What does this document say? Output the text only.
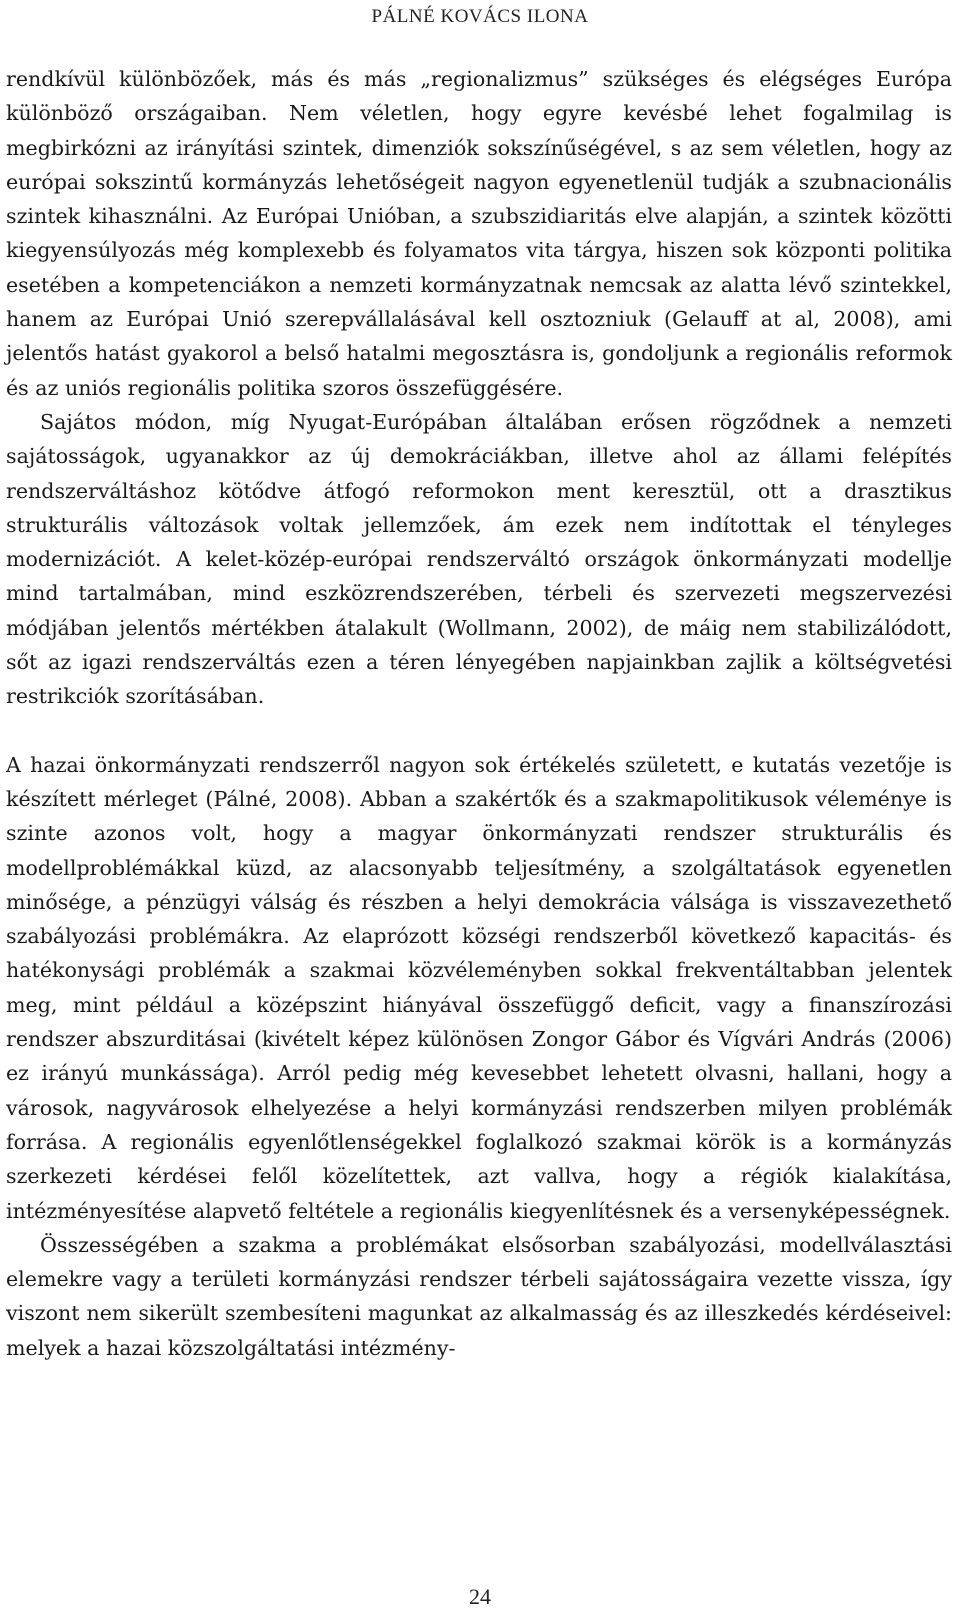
PÁLNÉ KOVÁCS ILONA

rendkívül különbözőek, más és más „regionalizmus” szükséges és elégséges Európa különböző országaiban. Nem véletlen, hogy egyre kevésbé lehet fogalmilag is megbirkózni az irányítási szintek, dimenziók sokszínűségével, s az sem véletlen, hogy az európai sokszintű kormányzás lehetőségeit nagyon egyenetlenül tudják a szubnacionális szintek kihasználni. Az Európai Unióban, a szubszidiaritás elve alapján, a szintek közötti kiegyensúlyozás még komplexebb és folyamatos vita tárgya, hiszen sok központi politika esetében a kompetenciákon a nemzeti kormányzatnak nemcsak az alatta lévő szintekkel, hanem az Európai Unió szerepvállalásával kell osztozniuk (Gelauff at al, 2008), ami jelentős hatást gyakorol a belső hatalmi megosztásra is, gondoljunk a regionális reformok és az uniós regionális politika szoros összefüggésére.

Sajátos módon, míg Nyugat-Európában általában erősen rögződnek a nemzeti sajátosságok, ugyanakkor az új demokráciákban, illetve ahol az állami felépítés rendszerváltáshoz kötődve átfogó reformokon ment keresztül, ott a drasztikus strukturális változások voltak jellemzőek, ám ezek nem indítottak el tényleges modernizációt. A kelet-közép-európai rendszerváltó országok önkormányzati modellje mind tartalmában, mind eszközrendszerében, térbeli és szervezeti megszervezési módjában jelentős mértékben átalakult (Wollmann, 2002), de máig nem stabilizálódott, sőt az igazi rendszerváltás ezen a téren lényegében napjainkban zajlik a költségvetési restrikciók szorításában.

A hazai önkormányzati rendszerről nagyon sok értékelés született, e kutatás vezetője is készített mérleget (Pálné, 2008). Abban a szakértők és a szakmapolitikusok véleménye is szinte azonos volt, hogy a magyar önkormányzati rendszer strukturális és modellproblémákkal küzd, az alacsonyabb teljesítmény, a szolgáltatások egyenetlen minősége, a pénzügyi válság és részben a helyi demokrácia válsága is visszavezethető szabályozási problémákra. Az elaprózott községi rendszerből következő kapacitás- és hatékonysági problémák a szakmai közvéleményben sokkal frekventáltabban jelentek meg, mint például a középszint hiányával összefüggő deficit, vagy a finanszírozási rendszer abszurditásai (kivételt képez különösen Zongor Gábor és Vígvári András (2006) ez irányú munkássága). Arról pedig még kevesebbet lehetett olvasni, hallani, hogy a városok, nagyvárosok elhelyezése a helyi kormányzási rendszerben milyen problémák forrása. A regionális egyenlőtlenségekkel foglalkozó szakmai körök is a kormányzás szerkezeti kérdései felől közelítettek, azt vallva, hogy a régiók kialakítása, intézményesítése alapvető feltétele a regionális kiegyenlítésnek és a versenyképességnek.

Összességében a szakma a problémákat elsősorban szabályozási, modellválasztási elemekre vagy a területi kormányzási rendszer térbeli sajátosságaira vezette vissza, így viszont nem sikerült szembesíteni magunkat az alkalmasság és az illeszkedés kérdéseivel: melyek a hazai közszolgáltatási intézmény-

24
